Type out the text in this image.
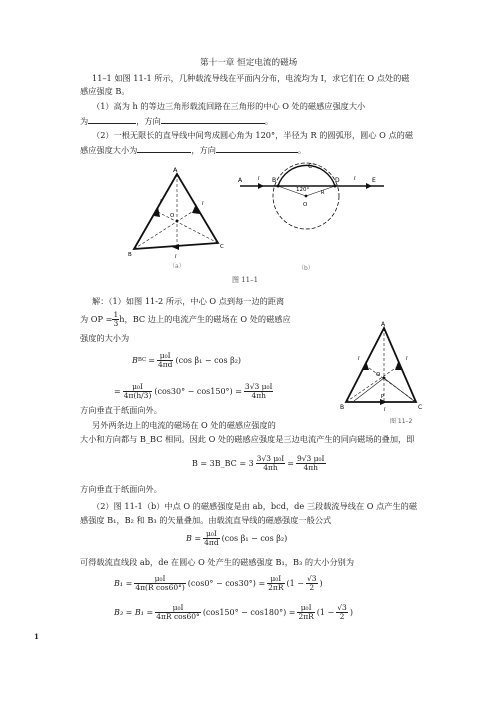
第十一章 恒定电流的磁场
11–1 如图 11-1 所示，几种载流导线在平面内分布，电流均为 I，求它们在 O 点处的磁
感应强度 B。
（1）高为 h 的等边三角形载流回路在三角形的中心 O 处的磁感应强度大小
为	，方向	。
（2）一根无限长的直导线中间弯成圆心角为 120°，半径为 R 的圆弧形，圆心 O 点的磁
感应强度大小为	，方向	。
A
B
C
O
I	I
I
（a）
A	B
C
D	E
O
R
120°
I	I
（b）
图 11–1
解：（1）如图 11-2 所示，中心 O 点到每一边的距离
为 OP = $\frac{1}{3}$ h，BC 边上的电流产生的磁场在 O 处的磁感应
强度的大小为
B BC = $\frac{\text{μ₀I}}{4\pi d} (\cos$ β₁ − cos β₂)
= $\frac{\text{μ₀I}}{4\pi(h/3)} (\cos 30^\circ - \cos 150^\circ) = \frac{\text{3√3 μ₀I}}{4\pi h}$
方向垂直于纸面向外。
另外两条边上的电流的磁场在 O 处的磁感应强度的
大小和方向都与 B_BC 相同。因此 O 处的磁感应强度是三边电流产生的同向磁场的叠加，即
A
B	C
O
P
I	I
I
图 11–2
B = 3B_BC = $3 \frac{\text{3√3 μ₀I}}{4\pi h} = \frac{\text{9√3 μ₀I}}{4\pi h}$
方向垂直于纸面向外。
（2）图 11-1（b）中点 O 的磁感强度是由 ab，bcd，de 三段载流导线在 O 点产生的磁
感强度 B₁，B₂ 和 B₃ 的矢量叠加。由载流直导线的磁感强度一般公式
$B = \frac{\text{μ₀I}}{4\pi d} (\cos$ β₁ − cos β₂)
可得载流直线段 ab，de 在圆心 O 处产生的磁感强度 B₁，B₃ 的大小分别为
$B_1 = \frac{\text{μ₀I}}{\text{4π(R cos60°)}} (\cos 0^\circ - \cos 30^\circ) = \frac{\text{μ₀I}}{2\pi R} (1 - \frac{√3}{2}$ )
$B_3 = B_1 = \frac{\text{μ₀I}}{\text{4πR cos60°}} (\cos 150^\circ - \cos 180^\circ) = \frac{\text{μ₀I}}{2\pi R} (1 - \frac{√3}{2}$ )
1
